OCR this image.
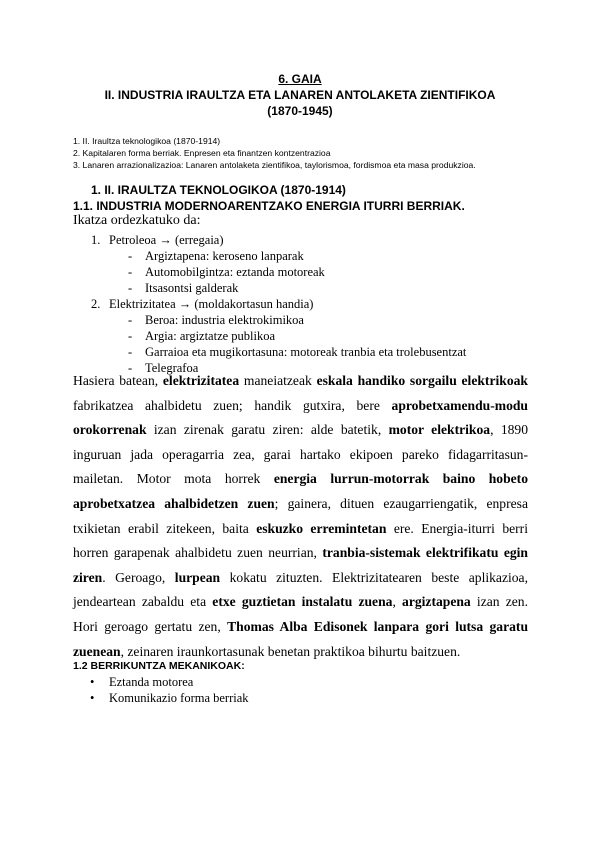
6. GAIA
II. INDUSTRIA IRAULTZA ETA LANAREN ANTOLAKETA ZIENTIFIKOA
(1870-1945)
1. II. Iraultza teknologikoa (1870-1914)
2. Kapitalaren forma berriak. Enpresen eta finantzen kontzentrazioa
3. Lanaren arrazionalizazioa: Lanaren antolaketa zientifikoa, taylorismoa, fordismoa eta masa produkzioa.
1. II. IRAULTZA TEKNOLOGIKOA (1870-1914)
1.1. INDUSTRIA MODERNOARENTZAKO ENERGIA ITURRI BERRIAK.
Ikatza ordezkatuko da:
1. Petroleoa → (erregaia)
- Argiztapena: keroseno lanparak
- Automobilgintza: eztanda motoreak
- Itsasontsi galderak
2. Elektrizitatea → (moldakortasun handia)
- Beroa: industria elektrokimikoa
- Argia: argiztatze publikoa
- Garraioa eta mugikortasuna: motoreak tranbia eta trolebusentzat
- Telegrafoa
Hasiera batean, elektrizitatea maneiatzeak eskala handiko sorgailu elektrikoak fabrikatzea ahalbidetu zuen; handik gutxira, bere aprobetxamendu-modu orokorrenak izan zirenak garatu ziren: alde batetik, motor elektrikoa, 1890 inguruan jada operagarria zea, garai hartako ekipoen pareko fidagarritasun-mailetan. Motor mota horrek energia lurrun-motorrak baino hobeto aprobetxatzea ahalbidetzen zuen; gainera, dituen ezaugarriengatik, enpresa txikietan erabil zitekeen, baita eskuzko erremintetan ere. Energia-iturri berri horren garapenak ahalbidetu zuen neurrian, tranbia-sistemak elektrifikatu egin ziren. Geroago, lurpean kokatu zituzten. Elektrizitatearen beste aplikazioa, jendeartean zabaldu eta etxe guztietan instalatu zuena, argiztapena izan zen. Hori geroago gertatu zen, Thomas Alba Edisonek lanpara gori lutsa garatu zuenean, zeinaren iraunkortasunak benetan praktikoa bihurtu baitzuen.
1.2 BERRIKUNTZA MEKANIKOAK:
• Eztanda motorea
• Komunikazio forma berriak
